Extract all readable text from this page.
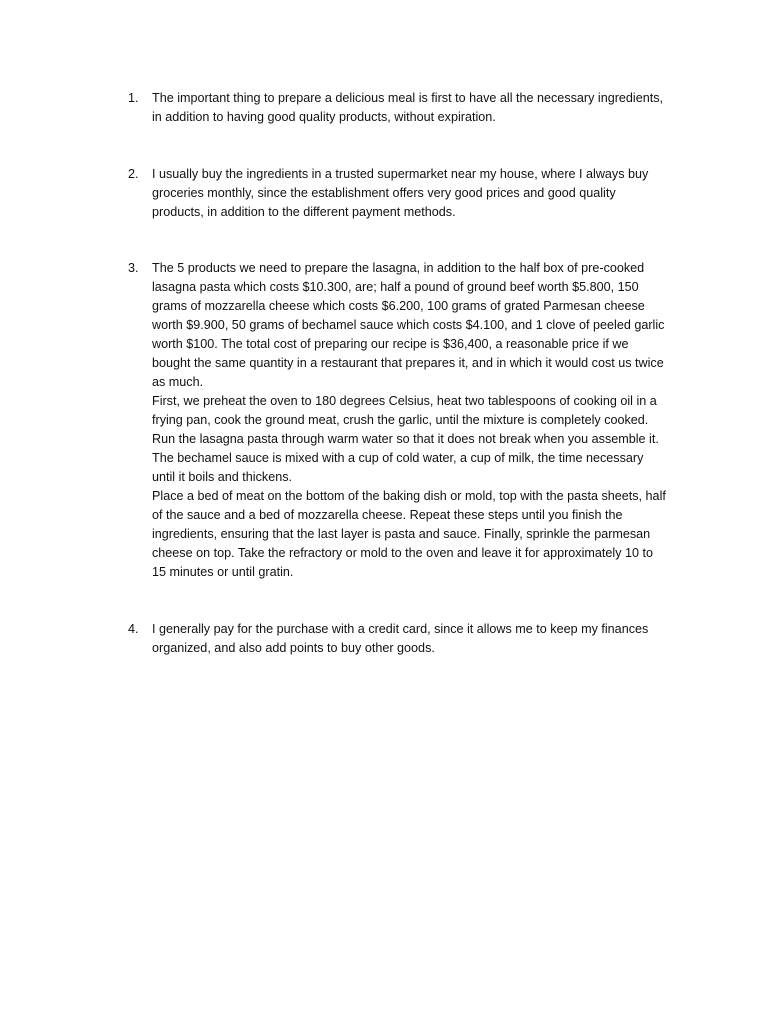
1.	The important thing to prepare a delicious meal is first to have all the necessary ingredients, in addition to having good quality products, without expiration.

2.	I usually buy the ingredients in a trusted supermarket near my house, where I always buy groceries monthly, since the establishment offers very good prices and good quality products, in addition to the different payment methods.

3.	The 5 products we need to prepare the lasagna, in addition to the half box of pre-cooked lasagna pasta which costs $10.300, are; half a pound of ground beef worth $5.800, 150 grams of mozzarella cheese which costs $6.200, 100 grams of grated Parmesan cheese worth $9.900, 50 grams of bechamel sauce which costs $4.100, and 1 clove of peeled garlic worth $100. The total cost of preparing our recipe is $36,400, a reasonable price if we bought the same quantity in a restaurant that prepares it, and in which it would cost us twice as much.

First, we preheat the oven to 180 degrees Celsius, heat two tablespoons of cooking oil in a frying pan, cook the ground meat, crush the garlic, until the mixture is completely cooked. Run the lasagna pasta through warm water so that it does not break when you assemble it. The bechamel sauce is mixed with a cup of cold water, a cup of milk, the time necessary until it boils and thickens.

Place a bed of meat on the bottom of the baking dish or mold, top with the pasta sheets, half of the sauce and a bed of mozzarella cheese. Repeat these steps until you finish the ingredients, ensuring that the last layer is pasta and sauce. Finally, sprinkle the parmesan cheese on top. Take the refractory or mold to the oven and leave it for approximately 10 to 15 minutes or until gratin.

4.	I generally pay for the purchase with a credit card, since it allows me to keep my finances organized, and also add points to buy other goods.
